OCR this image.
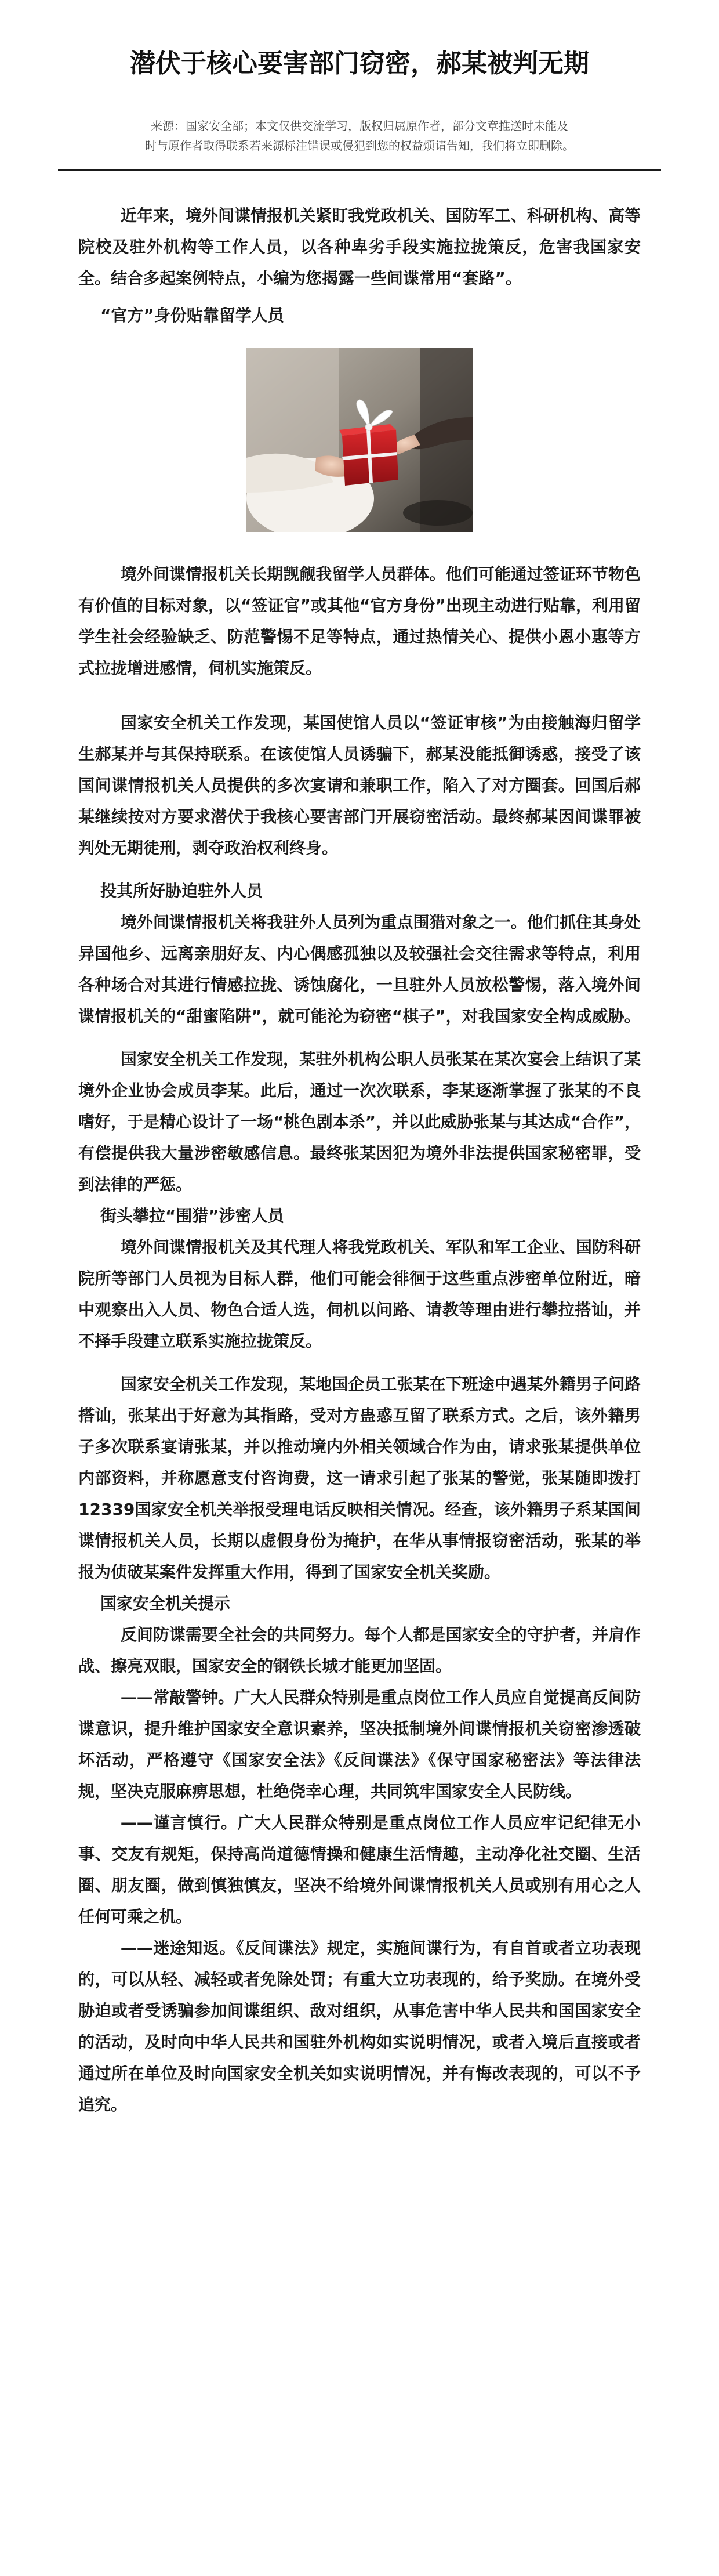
潜伏于核心要害部门窃密，郝某被判无期
来源：国家安全部；本文仅供交流学习，版权归属原作者，部分文章推送时未能及
时与原作者取得联系若来源标注错误或侵犯到您的权益烦请告知，我们将立即删除。

近年来，境外间谍情报机关紧盯我党政机关、国防军工、科研机构、高等院校及驻外机构等工作人员，以各种卑劣手段实施拉拢策反，危害我国家安全。结合多起案例特点，小编为您揭露一些间谍常用“套路”。

“官方”身份贴靠留学人员

境外间谍情报机关长期觊觎我留学人员群体。他们可能通过签证环节物色有价值的目标对象，以“签证官”或其他“官方身份”出现主动进行贴靠，利用留学生社会经验缺乏、防范警惕不足等特点，通过热情关心、提供小恩小惠等方式拉拢增进感情，伺机实施策反。

国家安全机关工作发现，某国使馆人员以“签证审核”为由接触海归留学生郝某并与其保持联系。在该使馆人员诱骗下，郝某没能抵御诱惑，接受了该国间谍情报机关人员提供的多次宴请和兼职工作，陷入了对方圈套。回国后郝某继续按对方要求潜伏于我核心要害部门开展窃密活动。最终郝某因间谍罪被判处无期徒刑，剥夺政治权利终身。

投其所好胁迫驻外人员

境外间谍情报机关将我驻外人员列为重点围猎对象之一。他们抓住其身处异国他乡、远离亲朋好友、内心偶感孤独以及较强社会交往需求等特点，利用各种场合对其进行情感拉拢、诱蚀腐化，一旦驻外人员放松警惕，落入境外间谍情报机关的“甜蜜陷阱”，就可能沦为窃密“棋子”，对我国家安全构成威胁。

国家安全机关工作发现，某驻外机构公职人员张某在某次宴会上结识了某境外企业协会成员李某。此后，通过一次次联系，李某逐渐掌握了张某的不良嗜好，于是精心设计了一场“桃色剧本杀”，并以此威胁张某与其达成“合作”，有偿提供我大量涉密敏感信息。最终张某因犯为境外非法提供国家秘密罪，受到法律的严惩。

街头攀拉“围猎”涉密人员

境外间谍情报机关及其代理人将我党政机关、军队和军工企业、国防科研院所等部门人员视为目标人群，他们可能会徘徊于这些重点涉密单位附近，暗中观察出入人员、物色合适人选，伺机以问路、请教等理由进行攀拉搭讪，并不择手段建立联系实施拉拢策反。

国家安全机关工作发现，某地国企员工张某在下班途中遇某外籍男子问路搭讪，张某出于好意为其指路，受对方蛊惑互留了联系方式。之后，该外籍男子多次联系宴请张某，并以推动境内外相关领域合作为由，请求张某提供单位内部资料，并称愿意支付咨询费，这一请求引起了张某的警觉，张某随即拨打12339国家安全机关举报受理电话反映相关情况。经查，该外籍男子系某国间谍情报机关人员，长期以虚假身份为掩护，在华从事情报窃密活动，张某的举报为侦破某案件发挥重大作用，得到了国家安全机关奖励。

国家安全机关提示

反间防谍需要全社会的共同努力。每个人都是国家安全的守护者，并肩作战、擦亮双眼，国家安全的钢铁长城才能更加坚固。

——常敲警钟。广大人民群众特别是重点岗位工作人员应自觉提高反间防谍意识，提升维护国家安全意识素养，坚决抵制境外间谍情报机关窃密渗透破坏活动，严格遵守《国家安全法》《反间谍法》《保守国家秘密法》等法律法规，坚决克服麻痹思想，杜绝侥幸心理，共同筑牢国家安全人民防线。

——谨言慎行。广大人民群众特别是重点岗位工作人员应牢记纪律无小事、交友有规矩，保持高尚道德情操和健康生活情趣，主动净化社交圈、生活圈、朋友圈，做到慎独慎友，坚决不给境外间谍情报机关人员或别有用心之人任何可乘之机。

——迷途知返。《反间谍法》规定，实施间谍行为，有自首或者立功表现的，可以从轻、减轻或者免除处罚；有重大立功表现的，给予奖励。在境外受胁迫或者受诱骗参加间谍组织、敌对组织，从事危害中华人民共和国国家安全的活动，及时向中华人民共和国驻外机构如实说明情况，或者入境后直接或者通过所在单位及时向国家安全机关如实说明情况，并有悔改表现的，可以不予追究。
